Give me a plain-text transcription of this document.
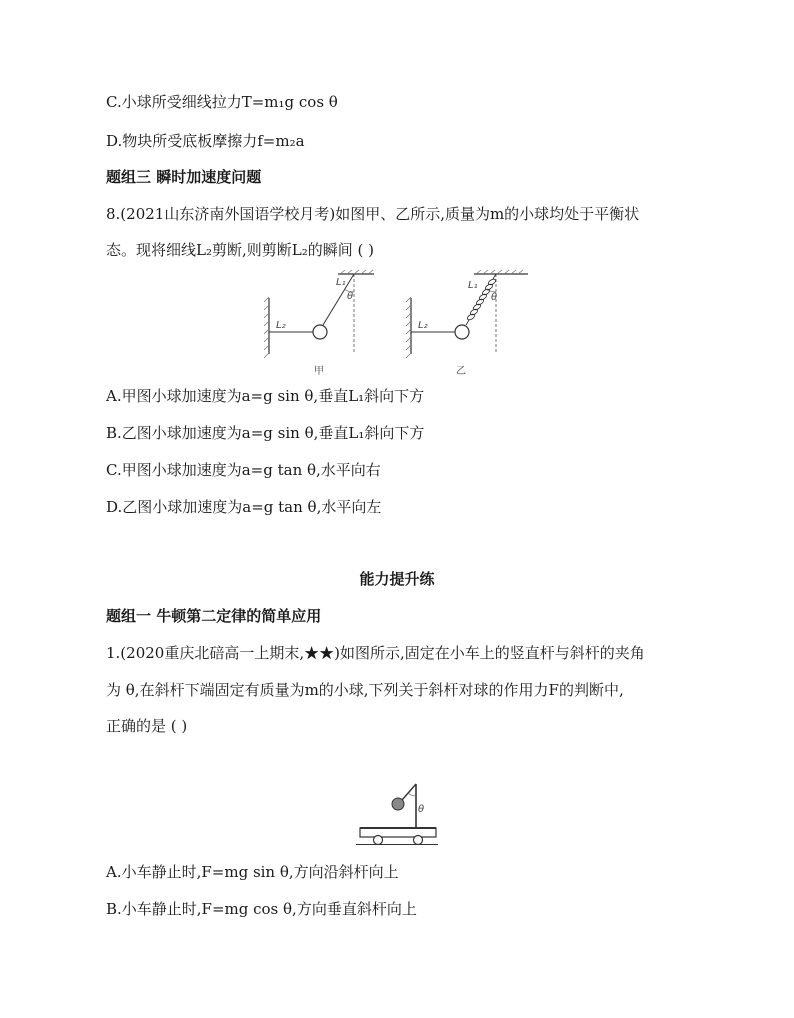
C.小球所受细线拉力T=m₁g cos θ
D.物块所受底板摩擦力f=m₂a
题组三 瞬时加速度问题
8.(2021山东济南外国语学校月考)如图甲、乙所示,质量为m的小球均处于平衡状
态。现将细线L₂剪断,则剪断L₂的瞬间 ( )
L₁
θ
L₂
甲
L₁
θ
L₂
乙
A.甲图小球加速度为a=g sin θ,垂直L₁斜向下方
B.乙图小球加速度为a=g sin θ,垂直L₁斜向下方
C.甲图小球加速度为a=g tan θ,水平向右
D.乙图小球加速度为a=g tan θ,水平向左
能力提升练
题组一 牛顿第二定律的简单应用
1.(2020重庆北碚高一上期末,★★)如图所示,固定在小车上的竖直杆与斜杆的夹角
为 θ,在斜杆下端固定有质量为m的小球,下列关于斜杆对球的作用力F的判断中,
正确的是 ( )
θ
A.小车静止时,F=mg sin θ,方向沿斜杆向上
B.小车静止时,F=mg cos θ,方向垂直斜杆向上
